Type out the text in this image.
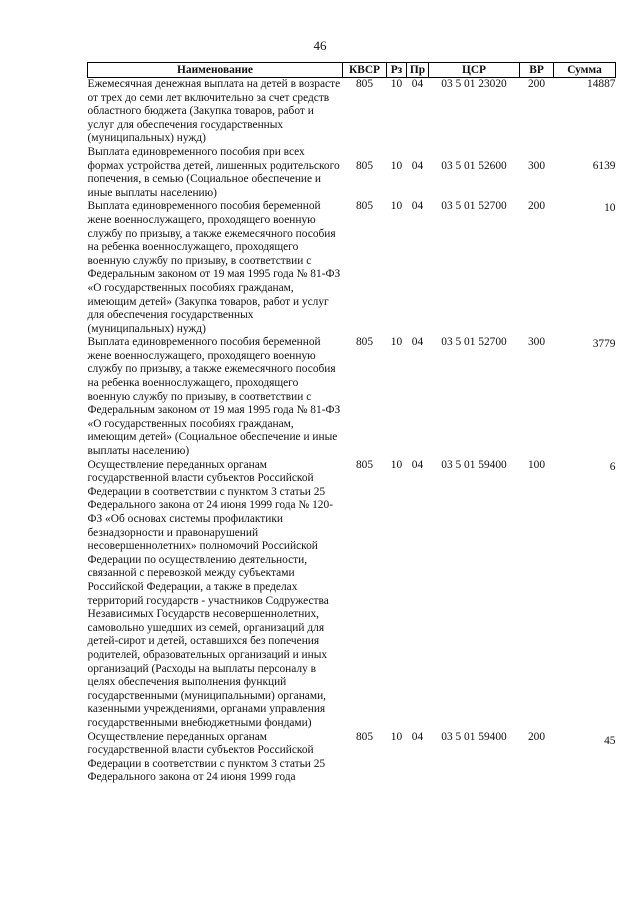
46
Наименование	КВСР	Рз	Пр	ЦСР	ВР	Сумма
Ежемесячная денежная выплата на детей в возрасте от трех до семи лет включительно за счет средств областного бюджета (Закупка товаров, работ и услуг для обеспечения государственных (муниципальных) нужд)	805	10	04	03 5 01 23020	200	14887
Выплата единовременного пособия при всех формах устройства детей, лишенных родительского попечения, в семью (Социальное обеспечение и иные выплаты населению)	805	10	04	03 5 01 52600	300	6139
Выплата единовременного пособия беременной жене военнослужащего, проходящего военную службу по призыву, а также ежемесячного пособия на ребенка военнослужащего, проходящего военную службу по призыву, в соответствии с Федеральным законом от 19 мая 1995 года № 81-ФЗ «О государственных пособиях гражданам, имеющим детей» (Закупка товаров, работ и услуг для обеспечения государственных (муниципальных) нужд)	805	10	04	03 5 01 52700	200	10
Выплата единовременного пособия беременной жене военнослужащего, проходящего военную службу по призыву, а также ежемесячного пособия на ребенка военнослужащего, проходящего военную службу по призыву, в соответствии с Федеральным законом от 19 мая 1995 года № 81-ФЗ «О государственных пособиях гражданам, имеющим детей» (Социальное обеспечение и иные выплаты населению)	805	10	04	03 5 01 52700	300	3779
Осуществление переданных органам государственной власти субъектов Российской Федерации в соответствии с пунктом 3 статьи 25 Федерального закона от 24 июня 1999 года № 120-ФЗ «Об основах системы профилактики безнадзорности и правонарушений несовершеннолетних» полномочий Российской Федерации по осуществлению деятельности, связанной с перевозкой между субъектами Российской Федерации, а также в пределах территорий государств - участников Содружества Независимых Государств несовершеннолетних, самовольно ушедших из семей, организаций для детей-сирот и детей, оставшихся без попечения родителей, образовательных организаций и иных организаций (Расходы на выплаты персоналу в целях обеспечения выполнения функций государственными (муниципальными) органами, казенными учреждениями, органами управления государственными внебюджетными фондами)	805	10	04	03 5 01 59400	100	6
Осуществление переданных органам государственной власти субъектов Российской Федерации в соответствии с пунктом 3 статьи 25 Федерального закона от 24 июня 1999 года	805	10	04	03 5 01 59400	200	45
